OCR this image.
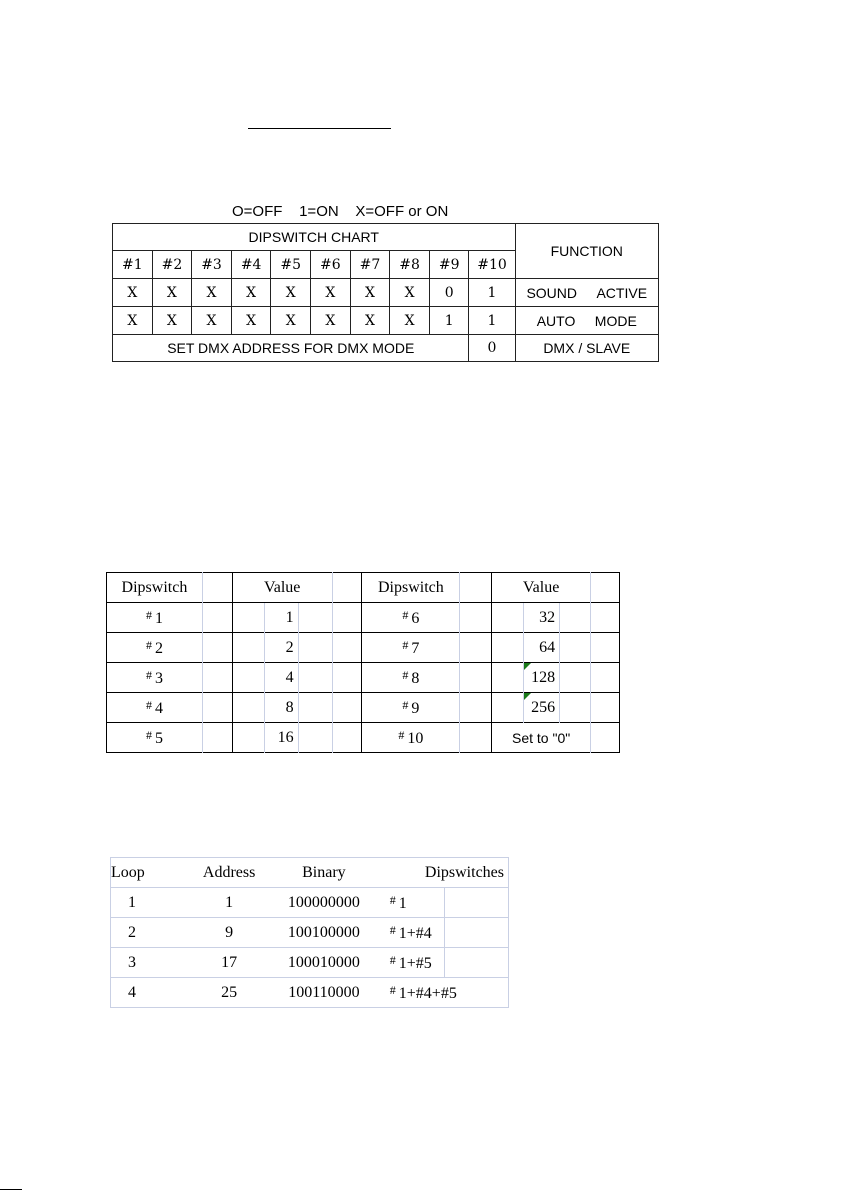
O=OFF    1=ON    X=OFF or ON
DIPSWITCH CHART										FUNCTION
#1	#2	#3	#4	#5	#6	#7	#8	#9	#10	
X	X	X	X	X	X	X	X	0	1	SOUND ACTIVE
X	X	X	X	X	X	X	X	1	1	AUTO MODE
SET DMX ADDRESS FOR DMX MODE									0	DMX / SLAVE
Dipswitch		Value				Dipswitch		Value			
# 1			1			# 6			32		
# 2			2			# 7			64		
# 3			4			# 8			128		
# 4			8			# 9			256		
# 5			16			# 10		Set to "0"			
Loop	Address	Binary	Dipswitches	
1	1	100000000	# 1	
2	9	100100000	# 1+#4	
3	17	100010000	# 1+#5	
4	25	100110000	# 1+#4+#5	
